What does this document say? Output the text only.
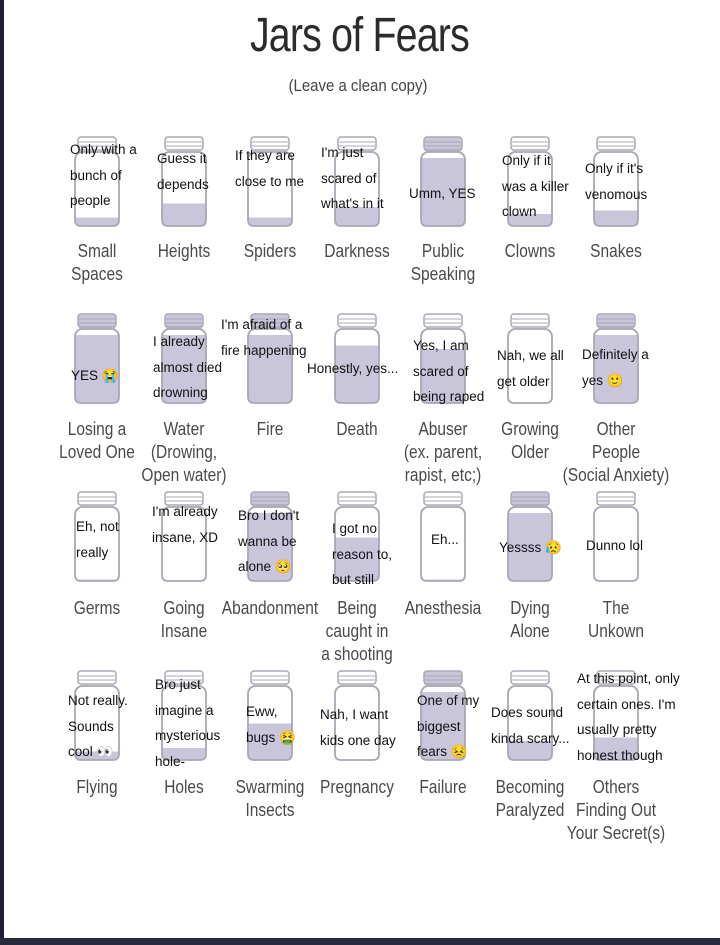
Jars of Fears
(Leave a clean copy)
Small
Spaces
Only with a
bunch of
people
Heights
Guess it
depends
Spiders
If they are
close to me
Darkness
I'm just
scared of
what's in it
Public
Speaking
Umm, YES
Clowns
Only if it
was a killer
clown
Snakes
Only if it's
venomous
Losing a
Loved One
YES 😭
Water
(Drowing,
Open water)
I already
almost died
drowning
Fire
I'm afraid of a
fire happening
Death
Honestly, yes...
Abuser
(ex. parent,
rapist, etc;)
Yes, I am
scared of
being raped
Growing
Older
Nah, we all
get older
Other
People
(Social Anxiety)
Definitely a
yes 🙂
Germs
Eh, not
really
Going
Insane
I'm already
insane, XD
Abandonment
Bro I don't
wanna be
alone 🥺
Being
caught in
a shooting
I got no
reason to,
but still
Anesthesia
Eh...
Dying
Alone
Yessss 😥
The
Unkown
Dunno lol
Flying
Not really.
Sounds
cool 👀
Holes
Bro just
imagine a
mysterious
hole-
Swarming
Insects
Eww,
bugs 🤮
Pregnancy
Nah, I want
kids one day
Failure
One of my
biggest
fears 😣
Becoming
Paralyzed
Does sound
kinda scary...
Others
Finding Out
Your Secret(s)
At this point, only
certain ones. I'm
usually pretty
honest though
